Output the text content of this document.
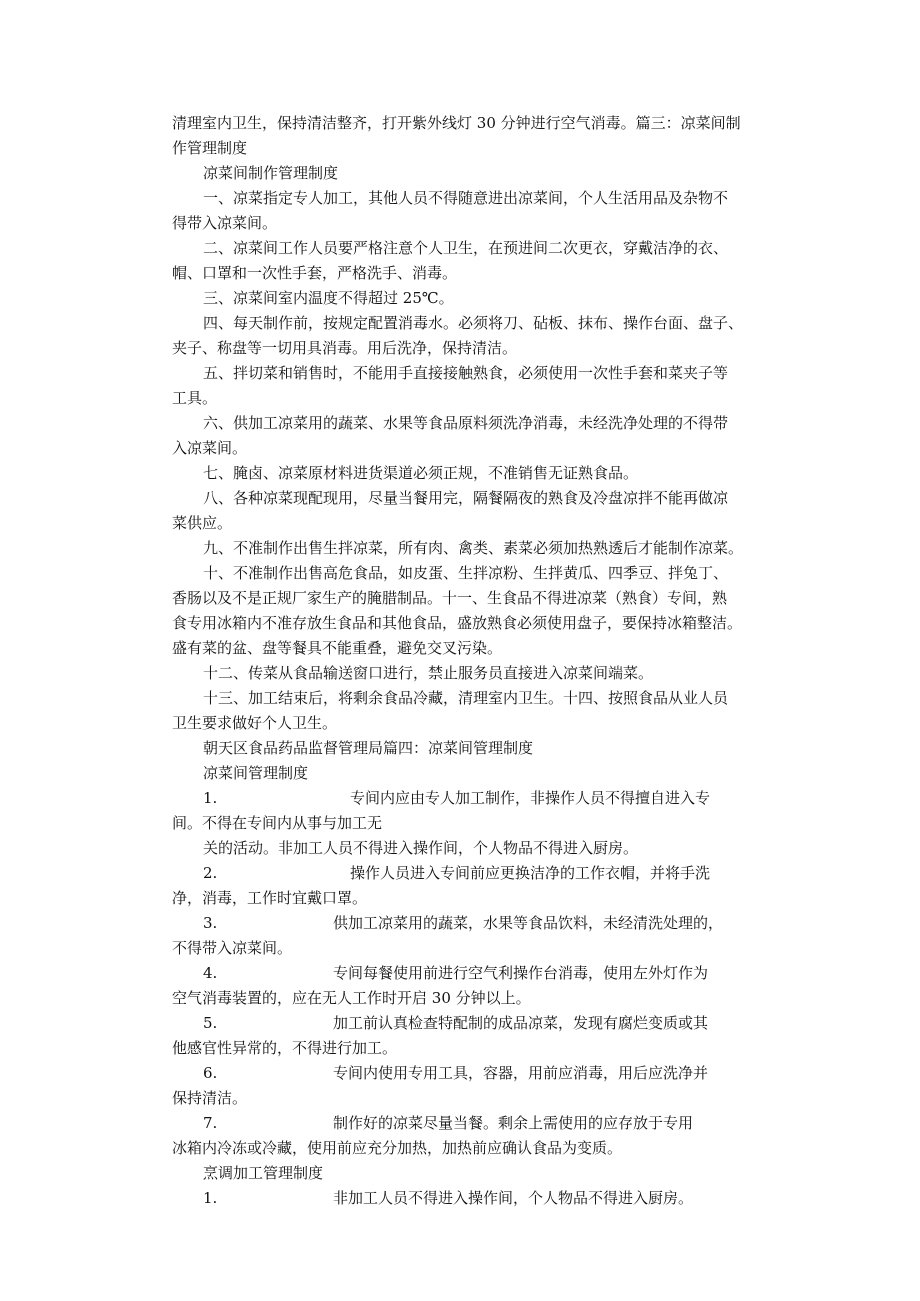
清理室内卫生，保持清洁整齐，打开紫外线灯 30 分钟进行空气消毒。篇三：凉菜间制
作管理制度
凉菜间制作管理制度
一、凉菜指定专人加工，其他人员不得随意进出凉菜间，个人生活用品及杂物不
得带入凉菜间。
二、凉菜间工作人员要严格注意个人卫生，在预进间二次更衣，穿戴洁净的衣、
帽、口罩和一次性手套，严格洗手、消毒。
三、凉菜间室内温度不得超过 25℃。
四、每天制作前，按规定配置消毒水。必须将刀、砧板、抹布、操作台面、盘子、
夹子、称盘等一切用具消毒。用后洗净，保持清洁。
五、拌切菜和销售时，不能用手直接接触熟食，必须使用一次性手套和菜夹子等
工具。
六、供加工凉菜用的蔬菜、水果等食品原料须洗净消毒，未经洗净处理的不得带
入凉菜间。
七、腌卤、凉菜原材料进货渠道必须正规，不准销售无证熟食品。
八、各种凉菜现配现用，尽量当餐用完，隔餐隔夜的熟食及冷盘凉拌不能再做凉
菜供应。
九、不准制作出售生拌凉菜，所有肉、禽类、素菜必须加热熟透后才能制作凉菜。
十、不准制作出售高危食品，如皮蛋、生拌凉粉、生拌黄瓜、四季豆、拌兔丁、
香肠以及不是正规厂家生产的腌腊制品。十一、生食品不得进凉菜（熟食）专间，熟
食专用冰箱内不准存放生食品和其他食品，盛放熟食必须使用盘子，要保持冰箱整洁。
盛有菜的盆、盘等餐具不能重叠，避免交叉污染。
十二、传菜从食品输送窗口进行，禁止服务员直接进入凉菜间端菜。
十三、加工结束后，将剩余食品冷藏，清理室内卫生。十四、按照食品从业人员
卫生要求做好个人卫生。
朝天区食品药品监督管理局篇四：凉菜间管理制度
凉菜间管理制度
1.	专间内应由专人加工制作，非操作人员不得擅自进入专
间。不得在专间内从事与加工无
关的活动。非加工人员不得进入操作间，个人物品不得进入厨房。
2.	操作人员进入专间前应更换洁净的工作衣帽，并将手洗
净，消毒，工作时宜戴口罩。
3.	供加工凉菜用的蔬菜，水果等食品饮料，未经清洗处理的，
不得带入凉菜间。
4.	专间每餐使用前进行空气利操作台消毒，使用左外灯作为
空气消毒装置的，应在无人工作时开启 30 分钟以上。
5.	加工前认真检查特配制的成品凉菜，发现有腐烂变质或其
他感官性异常的，不得进行加工。
6.	专间内使用专用工具，容器，用前应消毒，用后应洗净并
保持清洁。
7.	制作好的凉菜尽量当餐。剩余上需使用的应存放于专用
冰箱内冷冻或冷藏，使用前应充分加热，加热前应确认食品为变质。
烹调加工管理制度
1.	非加工人员不得进入操作间，个人物品不得进入厨房。
